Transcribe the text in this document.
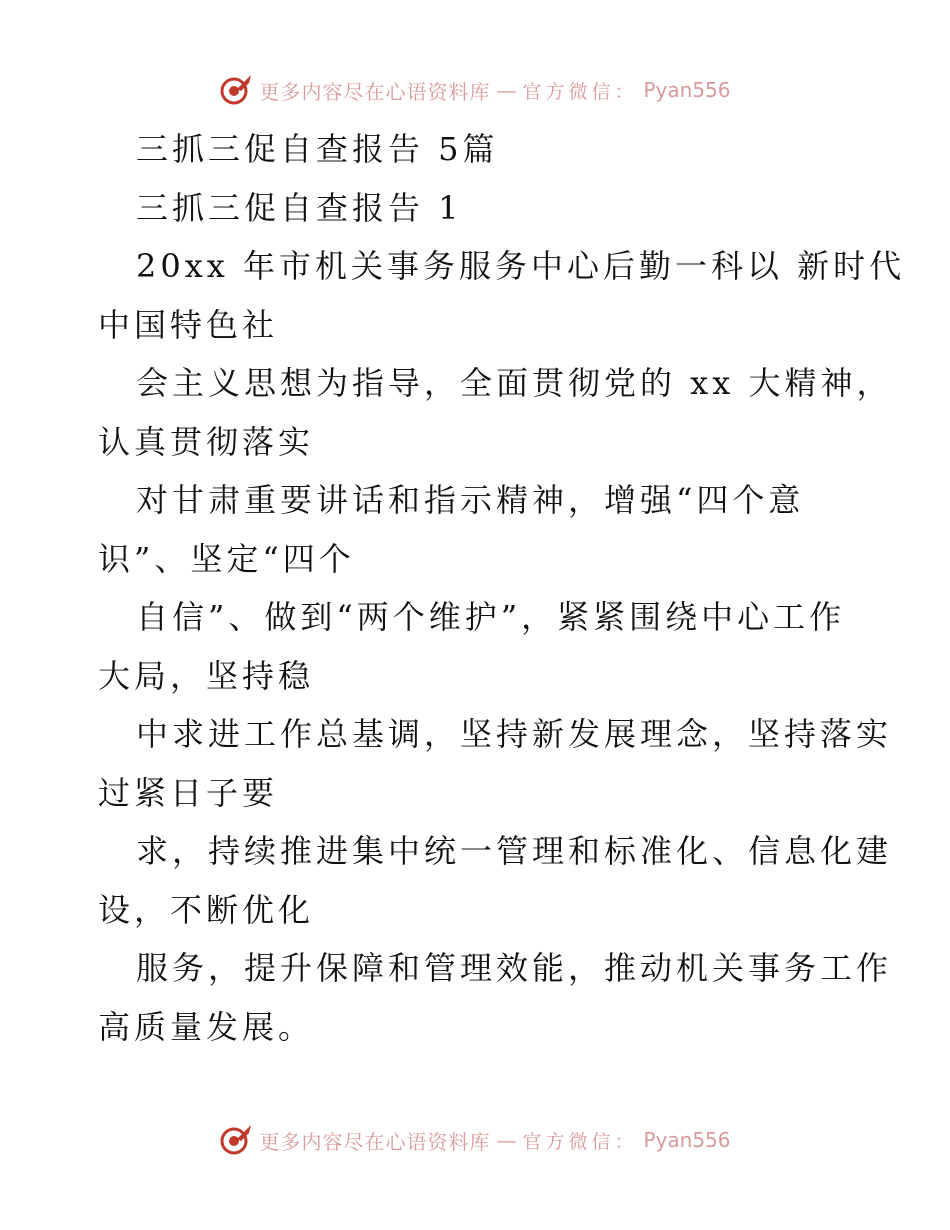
更多内容尽在心语资料库 — 官方微信： Pyan556
三抓三促自查报告 5篇
三抓三促自查报告 1
20xx 年市机关事务服务中心后勤一科以 新时代
中国特色社
会主义思想为指导，全面贯彻党的 xx 大精神，
认真贯彻落实
对甘肃重要讲话和指示精神，增强“四个意
识”、坚定“四个
自信”、做到“两个维护”，紧紧围绕中心工作
大局，坚持稳
中求进工作总基调，坚持新发展理念，坚持落实
过紧日子要
求，持续推进集中统一管理和标准化、信息化建
设，不断优化
服务，提升保障和管理效能，推动机关事务工作
高质量发展。
更多内容尽在心语资料库 — 官方微信： Pyan556
